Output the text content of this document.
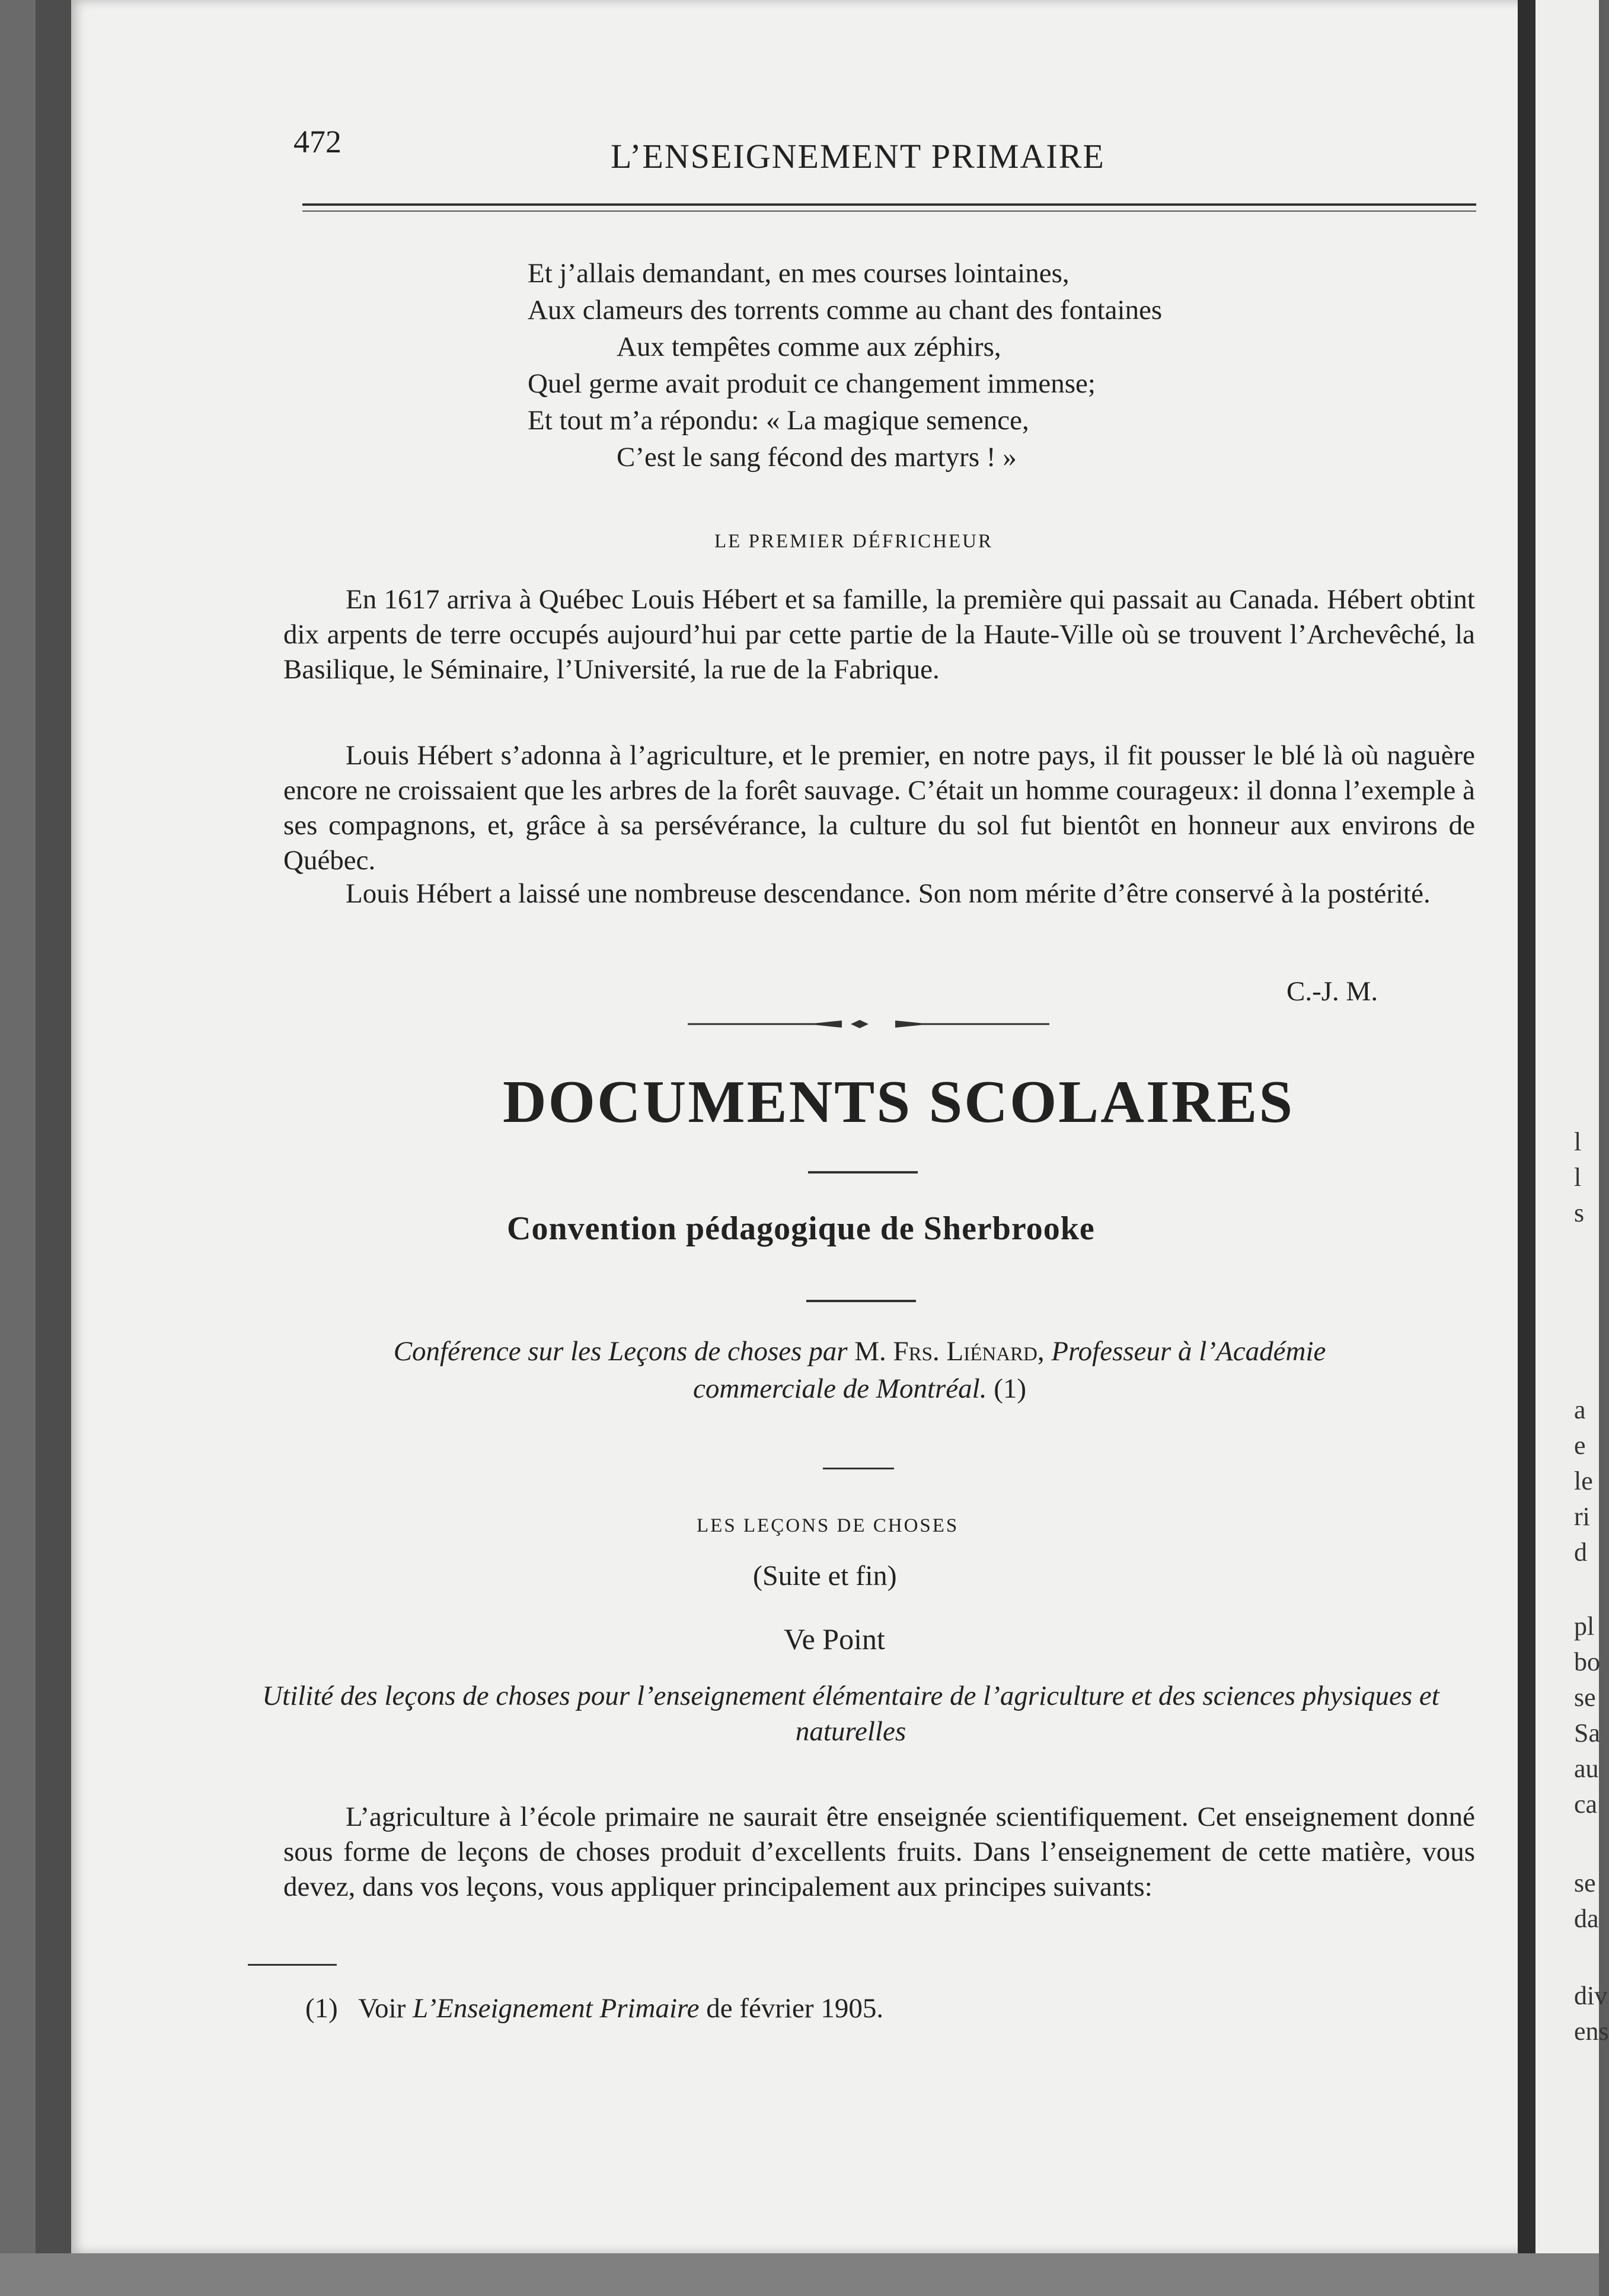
472	L’ENSEIGNEMENT PRIMAIRE
Et j’allais demandant, en mes courses lointaines,
Aux clameurs des torrents comme au chant des fontaines
Aux tempêtes comme aux zéphirs,
Quel germe avait produit ce changement immense;
Et tout m’a répondu: « La magique semence,
C’est le sang fécond des martyrs ! »
LE PREMIER DÉFRICHEUR

En 1617 arriva à Québec Louis Hébert et sa famille, la première qui passait au Canada. Hébert obtint dix arpents de terre occupés aujourd’hui par cette partie de la Haute-Ville où se trouvent l’Archevêché, la Basilique, le Séminaire, l’Université, la rue de la Fabrique.

Louis Hébert s’adonna à l’agriculture, et le premier, en notre pays, il fit pousser le blé là où naguère encore ne croissaient que les arbres de la forêt sauvage. C’était un homme courageux: il donna l’exemple à ses compagnons, et, grâce à sa persévérance, la culture du sol fut bientôt en honneur aux environs de Québec.

Louis Hébert a laissé une nombreuse descendance. Son nom mérite d’être conservé à la postérité.

C.-J. M.
DOCUMENTS SCOLAIRES
Convention pédagogique de Sherbrooke
Conférence sur les Leçons de choses par M. Frs. Liénard, Professeur à l’Académie commerciale de Montréal. (1)
LES LEÇONS DE CHOSES
(Suite et fin)
Ve Point
Utilité des leçons de choses pour l’enseignement élémentaire de l’agriculture et des sciences physiques et naturelles

L’agriculture à l’école primaire ne saurait être enseignée scientifiquement. Cet enseignement donné sous forme de leçons de choses produit d’excellents fruits. Dans l’enseignement de cette matière, vous devez, dans vos leçons, vous appliquer principalement aux principes suivants:

(1) Voir L’Enseignement Primaire de février 1905.
l
l
s
a
e
le
ri
d
pl
bo
se
Sa
au
ca
se
da
div
ens
